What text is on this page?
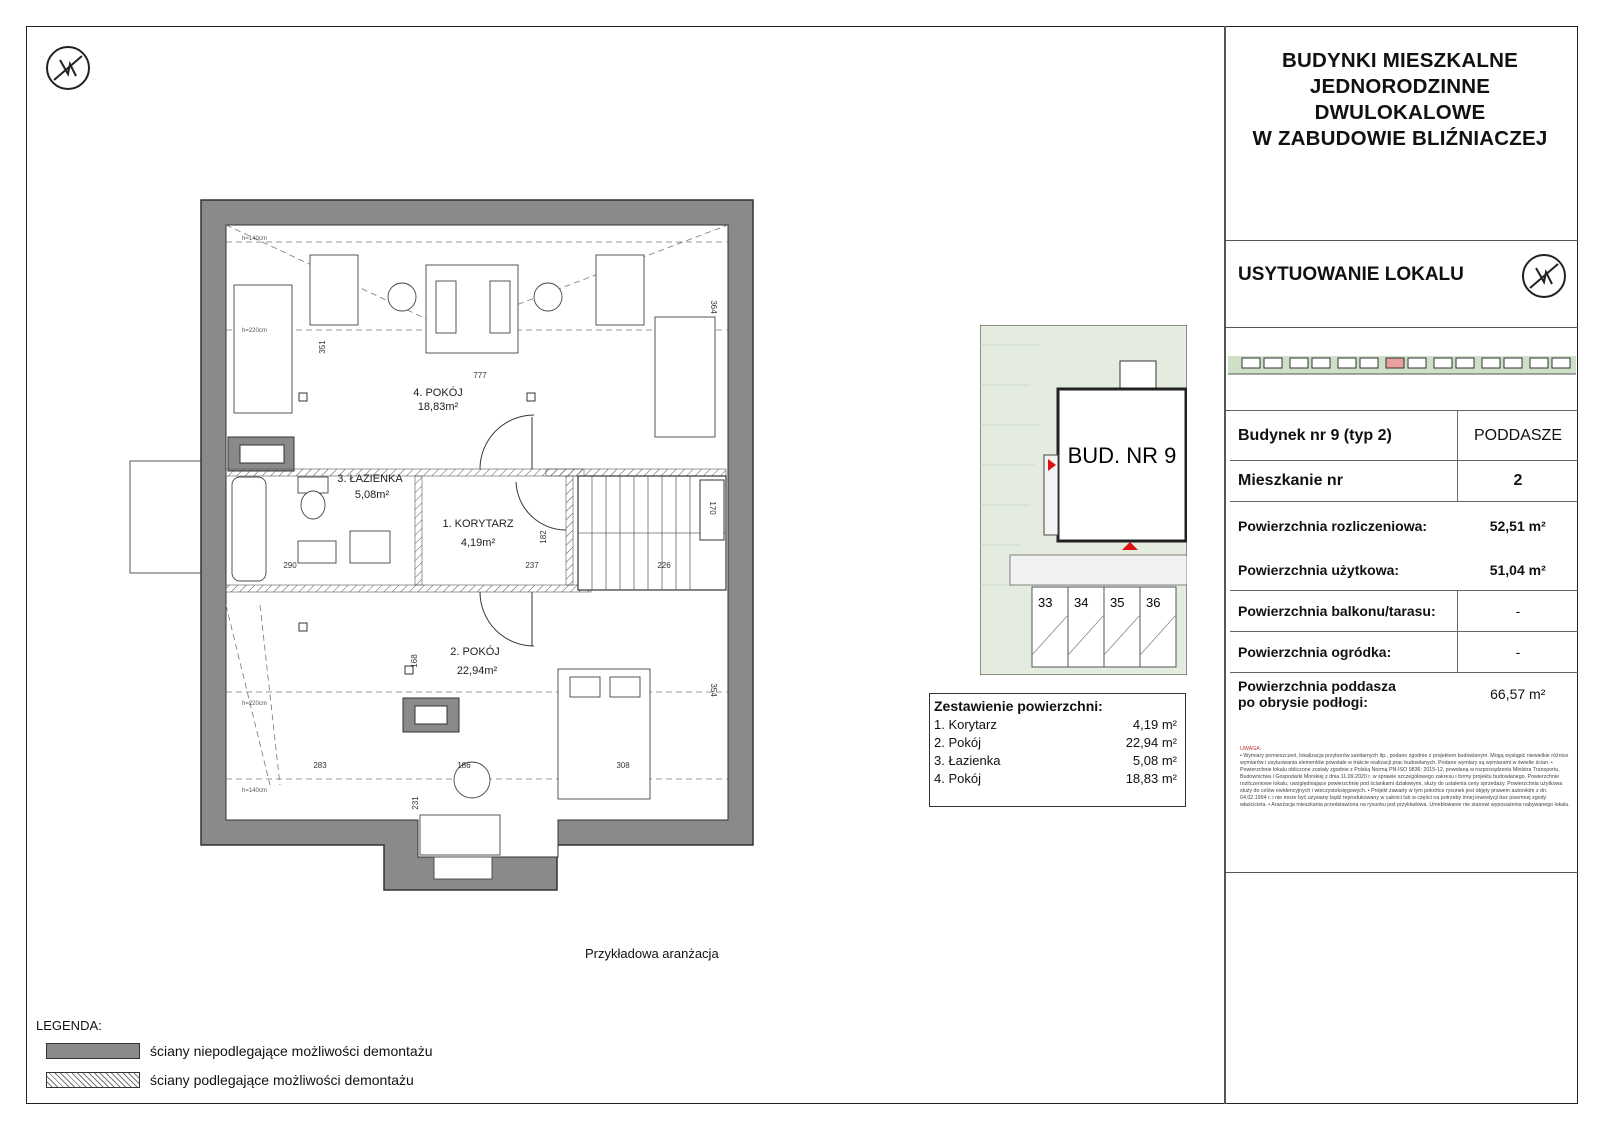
BUDYNKI MIESZKALNE
JEDNORODZINNE
DWULOKALOWE
W ZABUDOWIE BLIŹNIACZEJ
USYTUOWANIE LOKALU
Budynek nr 9 (typ 2)	PODDASZE
Mieszkanie nr	2
Powierzchnia rozliczeniowa:	52,51 m²
Powierzchnia użytkowa:	51,04 m²
Powierzchnia balkonu/tarasu:	-
Powierzchnia ogródka:	-
Powierzchnia poddasza
po obrysie podłogi:	66,57 m²
UWAGA:
• Wymiary pomieszczeń, lokalizacja przyborów sanitarnych itp., podano zgodnie z projektem budowlanym. Mogą wystąpić niewielkie różnice wymiarów i usytuowania elementów powstałe w trakcie realizacji prac budowlanych. Podane wymiary są wymiarami w świetle ścian. • Powierzchnie lokalu obliczone zostały zgodnie z Polską Normą PN-ISO 9836: 2015-12, powołaną w rozporządzeniu Ministra Transportu, Budownictwa i Gospodarki Morskiej z dnia 11.09.2020 r. w sprawie szczegółowego zakresu i formy projektu budowlanego. Powierzchnie rozliczeniowe lokalu, uwzględniające powierzchnię pod ściankami działowymi, służy do ustalenia ceny sprzedaży. Powierzchnia użytkowa służy do celów ewidencyjnych i wieczystoksięgowych. • Projekt zawarty w tym pokrótce rysunek jest objęty prawem autorskim z dn. 04.02.1994 r. i nie może być używany bądź reprodukowany w całości lub w części na potrzeby innej inwestycji bez pisemnej zgody właściciela. • Aranżacja mieszkania przedstawiona na rysunku jest przykładowa. Umeblowanie nie stanowi wyposażenia nabywanego lokalu.
BUD. NR 9
33 34 35 36
Zestawienie powierzchni:
1. Korytarz	4,19 m²
2. Pokój	22,94 m²
3. Łazienka	5,08 m²
4. Pokój	18,83 m²
4. POKÓJ
18,83m²
3. ŁAZIENKA
5,08m²
1. KORYTARZ
4,19m²
2. POKÓJ
22,94m²
777
364
351
290	237	226
170
182
168
354
283	186	308
231
h=140cm
h=220cm
h=220cm
h=140cm
Przykładowa aranżacja
LEGENDA:
ściany niepodlegające możliwości demontażu
ściany podlegające możliwości demontażu
